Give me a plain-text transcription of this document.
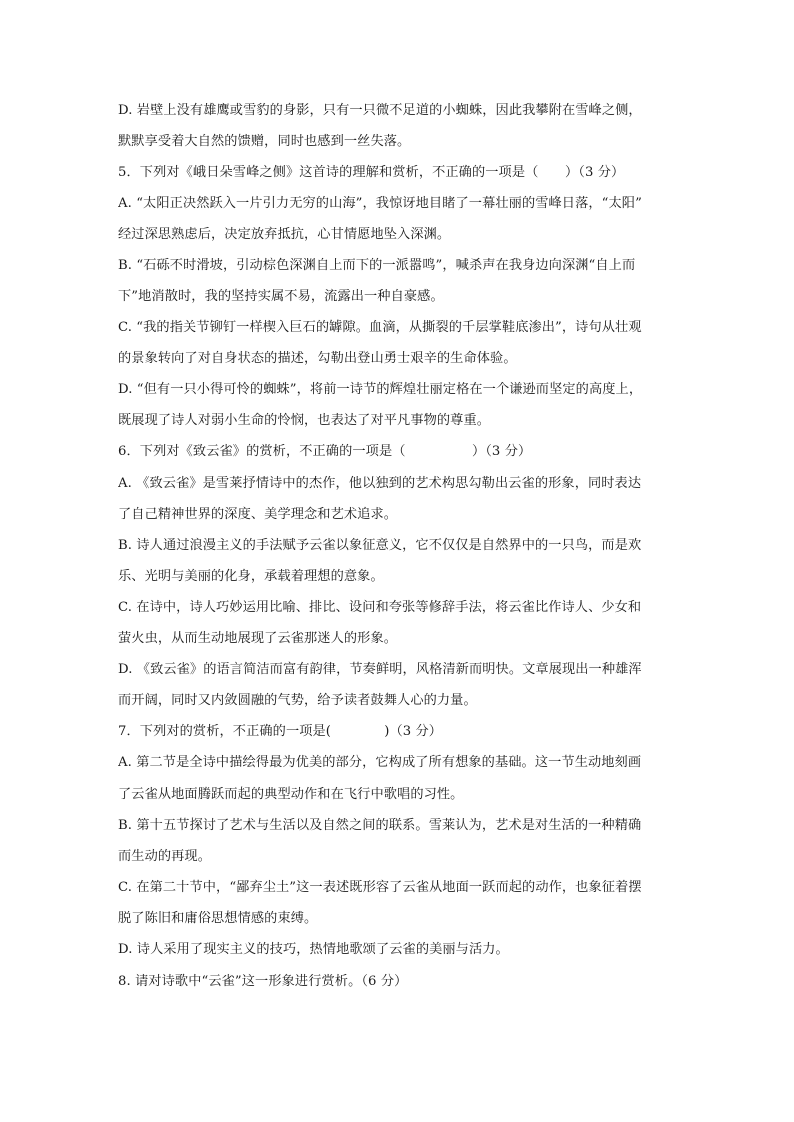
D. 岩壁上没有雄鹰或雪豹的身影，只有一只微不足道的小蜘蛛，因此我攀附在雪峰之侧，
默默享受着大自然的馈赠，同时也感到一丝失落。
5．下列对《峨日朵雪峰之侧》这首诗的理解和赏析，不正确的一项是（　　）（3 分）
A. “太阳正决然跃入一片引力无穷的山海”，我惊讶地目睹了一幕壮丽的雪峰日落，“太阳”
经过深思熟虑后，决定放弃抵抗，心甘情愿地坠入深渊。
B. “石砾不时滑坡，引动棕色深渊自上而下的一派嚣鸣”，喊杀声在我身边向深渊“自上而
下”地消散时，我的坚持实属不易，流露出一种自豪感。
C. “我的指关节铆钉一样楔入巨石的罅隙。血滴，从撕裂的千层掌鞋底渗出”，诗句从壮观
的景象转向了对自身状态的描述，勾勒出登山勇士艰辛的生命体验。
D. “但有一只小得可怜的蜘蛛”，将前一诗节的辉煌壮丽定格在一个谦逊而坚定的高度上，
既展现了诗人对弱小生命的怜悯，也表达了对平凡事物的尊重。
6．下列对《致云雀》的赏析，不正确的一项是（　　　　　）（3 分）
A. 《致云雀》是雪莱抒情诗中的杰作，他以独到的艺术构思勾勒出云雀的形象，同时表达
了自己精神世界的深度、美学理念和艺术追求。
B. 诗人通过浪漫主义的手法赋予云雀以象征意义，它不仅仅是自然界中的一只鸟，而是欢
乐、光明与美丽的化身，承载着理想的意象。
C. 在诗中，诗人巧妙运用比喻、排比、设问和夸张等修辞手法，将云雀比作诗人、少女和
萤火虫，从而生动地展现了云雀那迷人的形象。
D. 《致云雀》的语言简洁而富有韵律，节奏鲜明，风格清新而明快。文章展现出一种雄浑
而开阔，同时又内敛圆融的气势，给予读者鼓舞人心的力量。
7．下列对的赏析，不正确的一项是(　　　　)（3 分）
A. 第二节是全诗中描绘得最为优美的部分，它构成了所有想象的基础。这一节生动地刻画
了云雀从地面腾跃而起的典型动作和在飞行中歌唱的习性。
B. 第十五节探讨了艺术与生活以及自然之间的联系。雪莱认为，艺术是对生活的一种精确
而生动的再现。
C. 在第二十节中，“鄙弃尘土”这一表述既形容了云雀从地面一跃而起的动作，也象征着摆
脱了陈旧和庸俗思想情感的束缚。
D. 诗人采用了现实主义的技巧，热情地歌颂了云雀的美丽与活力。
8. 请对诗歌中“云雀”这一形象进行赏析。（6 分）
